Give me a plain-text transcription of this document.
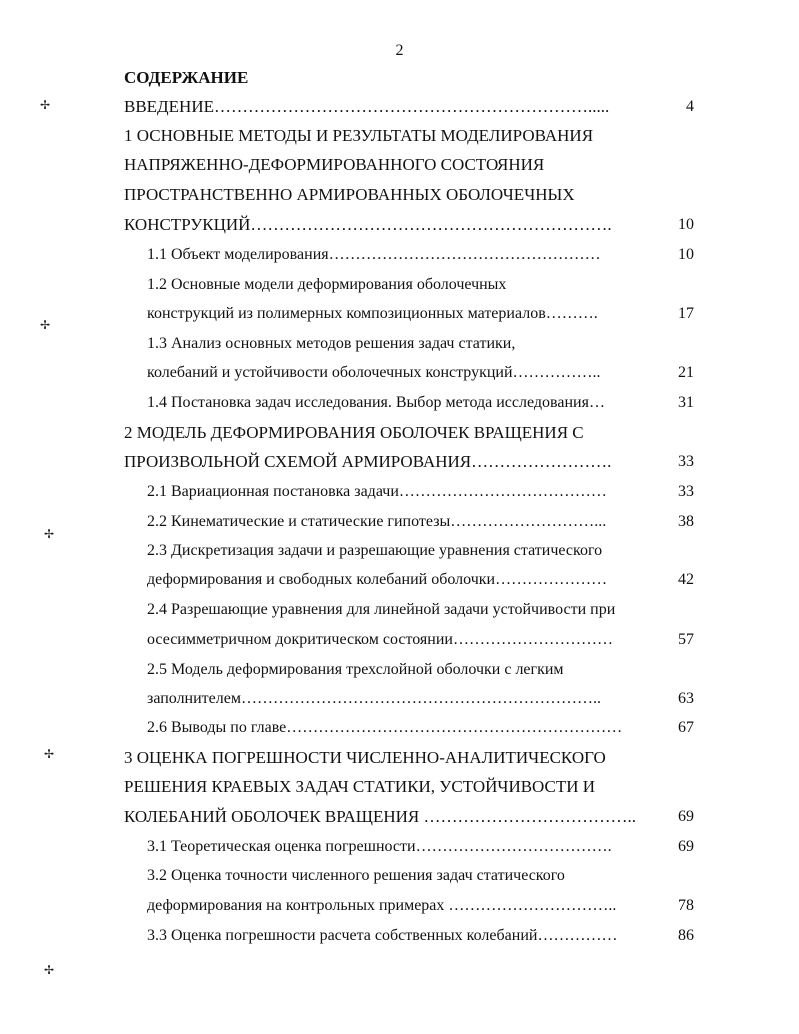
2
СОДЕРЖАНИЕ
✢
✢
✢
✢
✢
ВВЕДЕНИЕ………………………………………………………….....	4
1 ОСНОВНЫЕ МЕТОДЫ И РЕЗУЛЬТАТЫ МОДЕЛИРОВАНИЯ
НАПРЯЖЕННО-ДЕФОРМИРОВАННОГО СОСТОЯНИЯ
ПРОСТРАНСТВЕННО АРМИРОВАННЫХ ОБОЛОЧЕЧНЫХ
КОНСТРУКЦИЙ……………………………………………………….	10
1.1 Объект моделирования……………………………………………	10
1.2 Основные модели деформирования оболочечных
конструкций из полимерных композиционных материалов……….	17
1.3 Анализ основных методов решения задач статики,
колебаний и устойчивости оболочечных конструкций……………..	21
1.4 Постановка задач исследования. Выбор метода исследования…	31
2 МОДЕЛЬ ДЕФОРМИРОВАНИЯ ОБОЛОЧЕК ВРАЩЕНИЯ С
ПРОИЗВОЛЬНОЙ СХЕМОЙ АРМИРОВАНИЯ…………………….	33
2.1 Вариационная постановка задачи…………………………………	33
2.2 Кинематические и статические гипотезы………………………...	38
2.3 Дискретизация задачи и разрешающие уравнения статического
деформирования и свободных колебаний оболочки…………………	42
2.4 Разрешающие уравнения для линейной задачи устойчивости при
осесимметричном докритическом состоянии…………………………	57
2.5 Модель деформирования трехслойной оболочки с легким
заполнителем…………………………………………………………..	63
2.6 Выводы по главе………………………………………………………	67
3 ОЦЕНКА ПОГРЕШНОСТИ ЧИСЛЕННО-АНАЛИТИЧЕСКОГО
РЕШЕНИЯ КРАЕВЫХ ЗАДАЧ СТАТИКИ, УСТОЙЧИВОСТИ И
КОЛЕБАНИЙ ОБОЛОЧЕК ВРАЩЕНИЯ ………………………………..	69
3.1 Теоретическая оценка погрешности……………………………….	69
3.2 Оценка точности численного решения задач статического
деформирования на контрольных примерах …………………………..	78
3.3 Оценка погрешности расчета собственных колебаний……………	86
